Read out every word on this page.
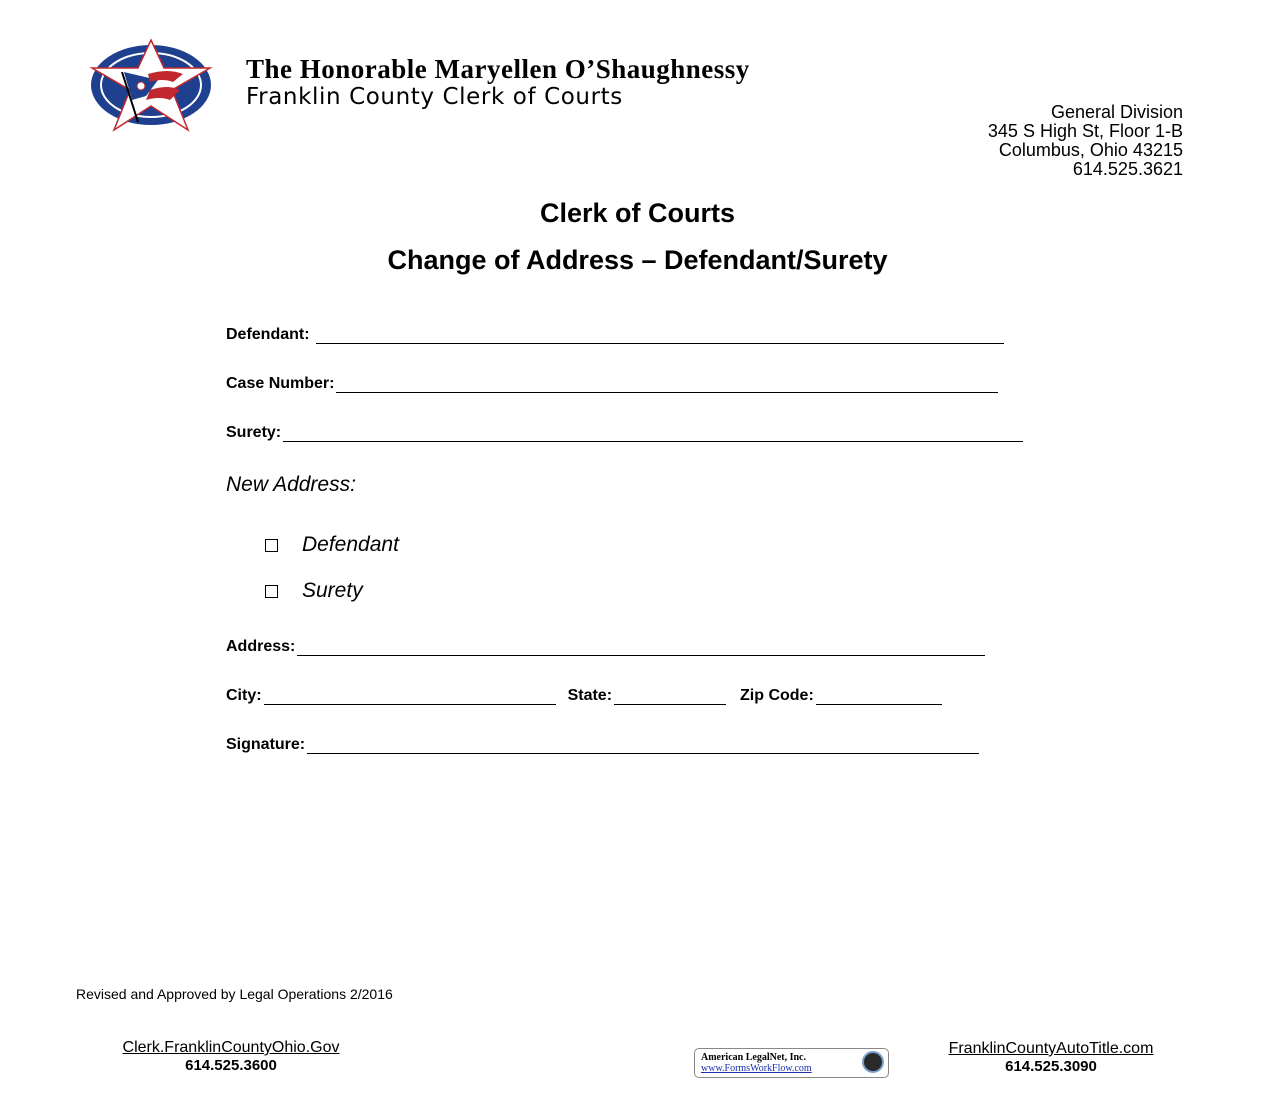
The Honorable Maryellen O’Shaughnessy
Franklin County Clerk of Courts
General Division
345 S High St, Floor 1-B
Columbus, Ohio 43215
614.525.3621
Clerk of Courts
Change of Address – Defendant/Surety
Defendant:
Case Number:
Surety:
New Address:
Defendant
Surety
Address:
City:	State:	Zip Code:
Signature:
Revised and Approved by Legal Operations 2/2016
Clerk.FranklinCountyOhio.Gov
614.525.3600	American LegalNet, Inc.
www.FormsWorkFlow.com
FranklinCountyAutoTitle.com
614.525.3090
